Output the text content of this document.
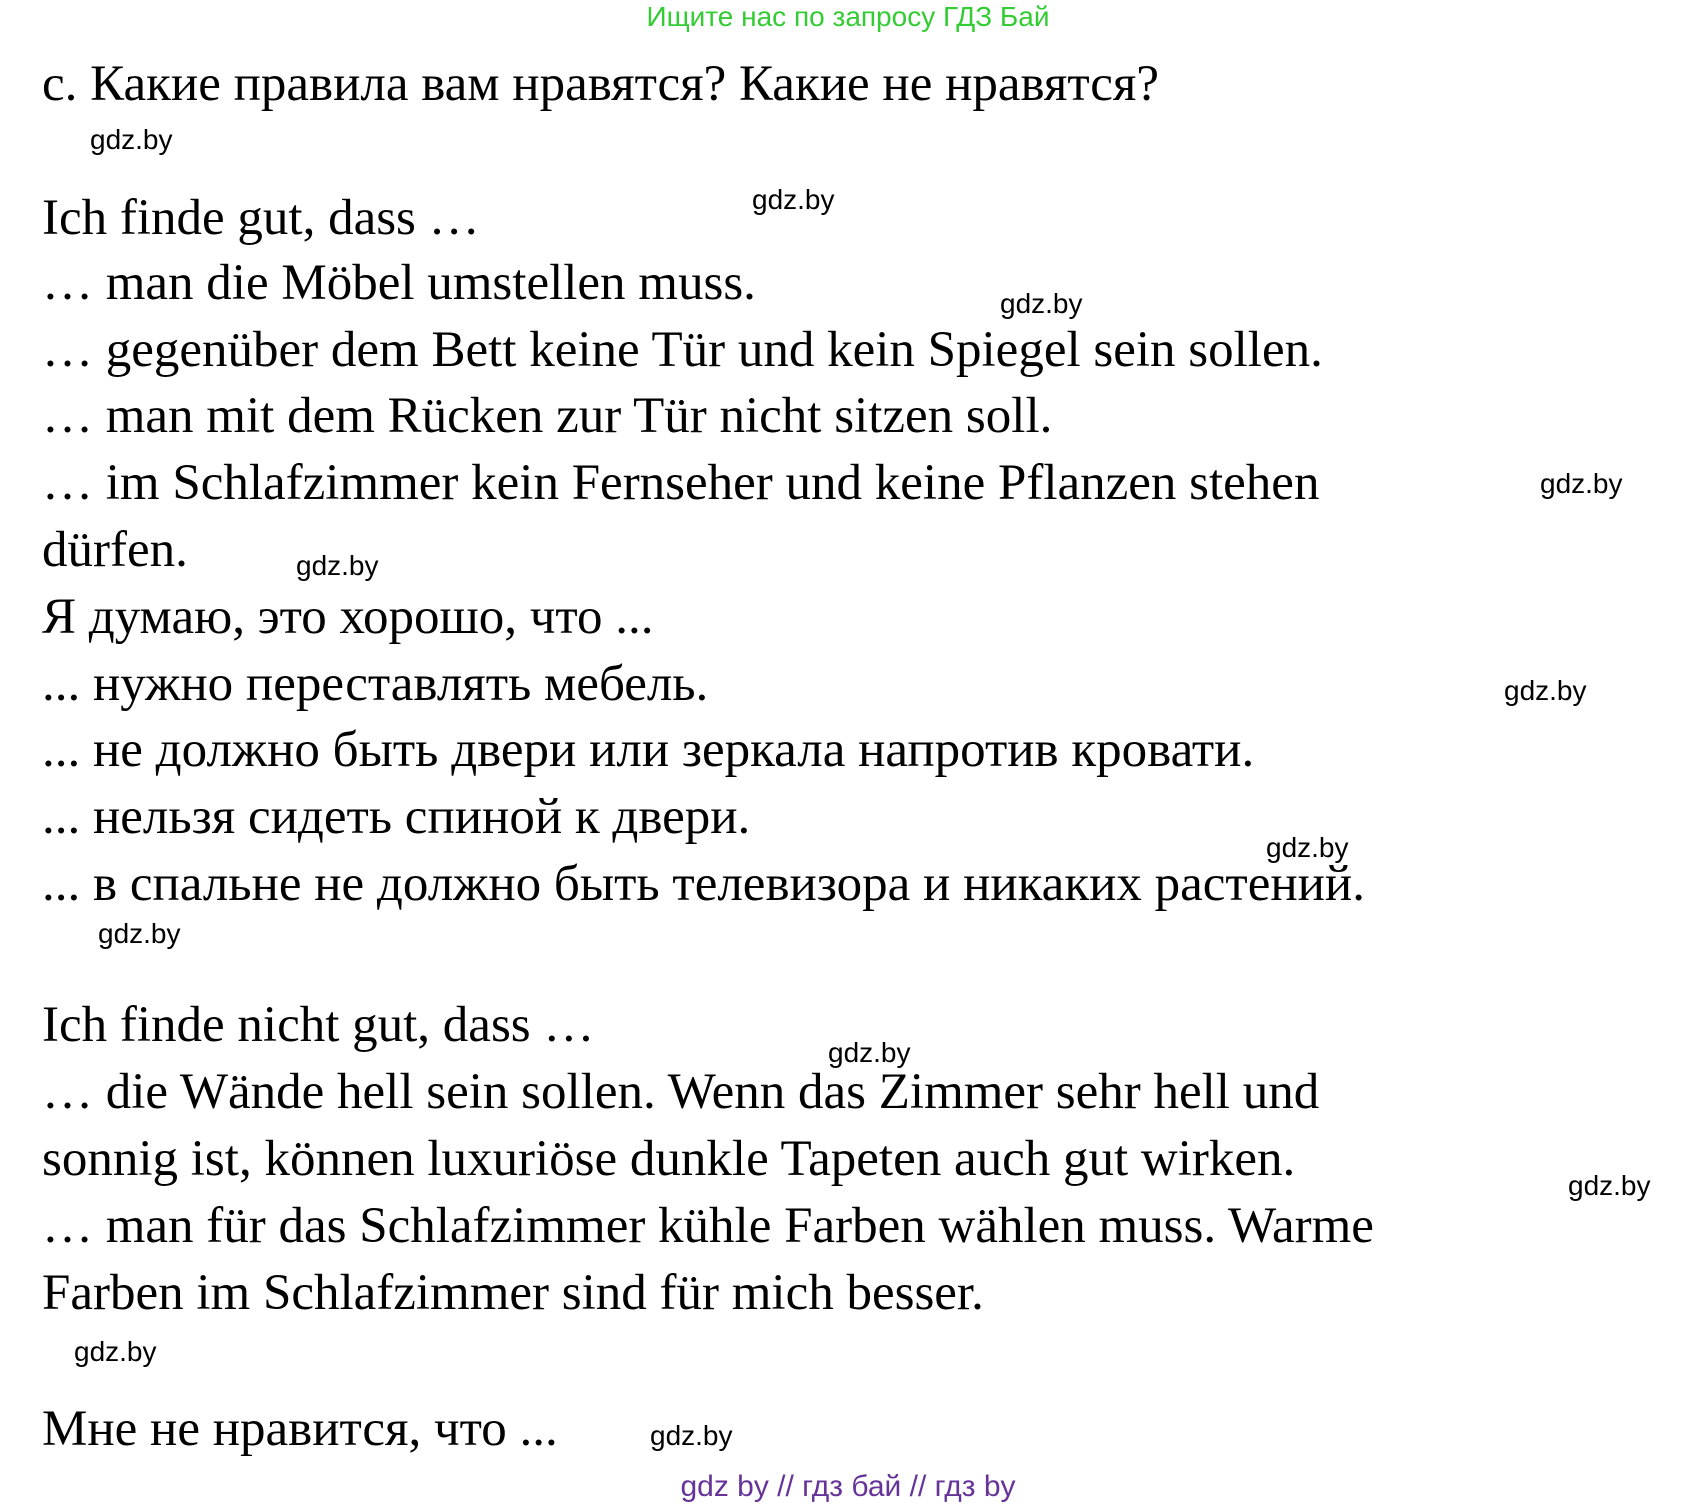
Ищите нас по запросу ГДЗ Бай
с. Какие правила вам нравятся? Какие не нравятся?
Ich finde gut, dass …
… man die Möbel umstellen muss.
… gegenüber dem Bett keine Tür und kein Spiegel sein sollen.
… man mit dem Rücken zur Tür nicht sitzen soll.
… im Schlafzimmer kein Fernseher und keine Pflanzen stehen
dürfen.
Я думаю, это хорошо, что ...
... нужно переставлять мебель.
... не должно быть двери или зеркала напротив кровати.
... нельзя сидеть спиной к двери.
... в спальне не должно быть телевизора и никаких растений.
Ich finde nicht gut, dass …
… die Wände hell sein sollen. Wenn das Zimmer sehr hell und
sonnig ist, können luxuriöse dunkle Tapeten auch gut wirken.
… man für das Schlafzimmer kühle Farben wählen muss. Warme
Farben im Schlafzimmer sind für mich besser.
Мне не нравится, что ...
gdz.by
gdz.by
gdz.by
gdz.by
gdz.by
gdz.by
gdz.by
gdz.by
gdz.by
gdz.by
gdz.by
gdz.by
gdz by // гдз бай // гдз by
